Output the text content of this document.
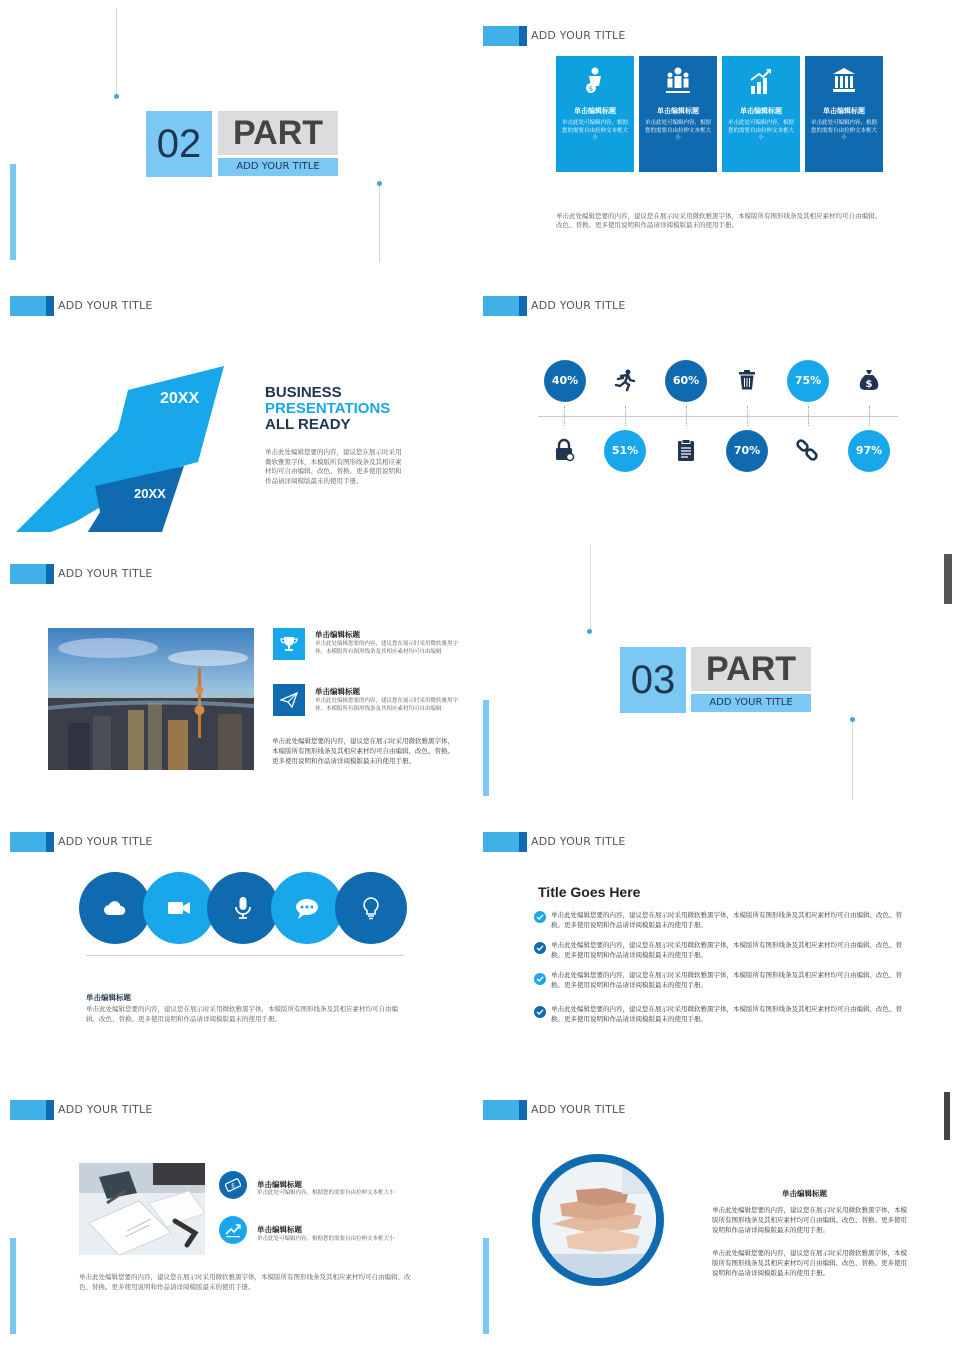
02 PART
ADD YOUR TITLE
ADD YOUR TITLE
$
单击编辑标题
单击此处可编辑内容，根据您的需要自由拉伸文本框大小
单击编辑标题
单击此处可编辑内容，根据您的需要自由拉伸文本框大小
单击编辑标题
单击此处可编辑内容，根据您的需要自由拉伸文本框大小
单击编辑标题
单击此处可编辑内容，根据您的需要自由拉伸文本框大小
单击此处编辑您要的内容，建议您在展示时采用微软雅黑字体，本模版所有图形线条及其相应素材均可自由编辑、改色、替换。更多使用说明和作品请详阅模版最末的使用手册。
ADD YOUR TITLE
20XX
20XX
BUSINESS
PRESENTATIONS
ALL READY
单击此处编辑您要的内容，建议您在展示时采用微软雅黑字体，本模版所有图形线条及其相应素材均可自由编辑、改色、替换。更多使用说明和作品请详阅模版最末的使用手册。
ADD YOUR TITLE
40%	60%	75%	$
51%	70%	97%
ADD YOUR TITLE
单击编辑标题
单击此处编辑您要的内容，建议您在展示时采用微软雅黑字体，本模版所有图形线条及其相应素材均可自由编辑
单击编辑标题
单击此处编辑您要的内容，建议您在展示时采用微软雅黑字体，本模版所有图形线条及其相应素材均可自由编辑
单击此处编辑您要的内容，建议您在展示时采用微软雅黑字体，本模版所有图形线条及其相应素材均可自由编辑、改色、替换。更多使用说明和作品请详阅模版最末的使用手册。
03 PART
ADD YOUR TITLE
ADD YOUR TITLE
单击编辑标题
单击此处编辑您要的内容，建议您在展示时采用微软雅黑字体，本模版所有图形线条及其相应素材均可自由编辑、改色、替换。更多使用说明和作品请详阅模版最末的使用手册。
ADD YOUR TITLE
Title Goes Here
单击此处编辑您要的内容，建议您在展示时采用微软雅黑字体，本模版所有图形线条及其相应素材均可自由编辑、改色、替换。更多使用说明和作品请详阅模版最末的使用手册。
单击此处编辑您要的内容，建议您在展示时采用微软雅黑字体，本模版所有图形线条及其相应素材均可自由编辑、改色、替换。更多使用说明和作品请详阅模版最末的使用手册。
单击此处编辑您要的内容，建议您在展示时采用微软雅黑字体，本模版所有图形线条及其相应素材均可自由编辑、改色、替换。更多使用说明和作品请详阅模版最末的使用手册。
单击此处编辑您要的内容，建议您在展示时采用微软雅黑字体，本模版所有图形线条及其相应素材均可自由编辑、改色、替换。更多使用说明和作品请详阅模版最末的使用手册。
ADD YOUR TITLE
$	单击编辑标题
单击此处可编辑内容，根据您的需要自由拉伸文本框大小
单击编辑标题
单击此处可编辑内容，根据您的需要自由拉伸文本框大小
单击此处编辑您要的内容，建议您在展示时采用微软雅黑字体，本模版所有图形线条及其相应素材均可自由编辑、改色、替换。更多使用说明和作品请详阅模版最末的使用手册。
ADD YOUR TITLE
单击编辑标题
单击此处编辑您要的内容，建议您在展示时采用微软雅黑字体，本模版所有图形线条及其相应素材均可自由编辑、改色、替换。更多使用说明和作品请详阅模版最末的使用手册。
单击此处编辑您要的内容，建议您在展示时采用微软雅黑字体，本模版所有图形线条及其相应素材均可自由编辑、改色、替换。更多使用说明和作品请详阅模版最末的使用手册。
